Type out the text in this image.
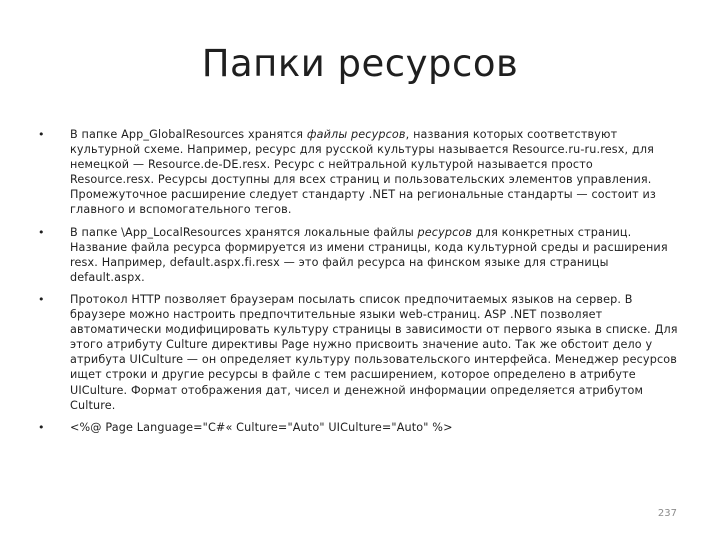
Папки ресурсов
• В папке App_GlobalResources хранятся файлы ресурсов, названия которых соответствуют культурной схеме. Например, ресурс для русской культуры называется Resource.ru-ru.resx, для немецкой — Resource.de-DE.resx. Ресурс с нейтральной культурой называется просто Resource.resx. Ресурсы доступны для всех страниц и пользовательских элементов управления. Промежуточное расширение следует стандарту .NET на региональные стандарты — состоит из главного и вспомогательного тегов.
• В папке \App_LocalResources хранятся локальные файлы ресурсов для конкретных страниц. Название файла ресурса формируется из имени страницы, кода культурной среды и расширения resx. Например, default.aspx.fi.resx — это файл ресурса на финском языке для страницы default.aspx.
• Протокол HTTP позволяет браузерам посылать список предпочитаемых языков на сервер. В браузере можно настроить предпочтительные языки web-страниц. ASP .NET позволяет автоматически модифицировать культуру страницы в зависимости от первого языка в списке. Для этого атрибуту Culture директивы Page нужно присвоить значение auto. Так же обстоит дело у атрибута UICulture — он определяет культуру пользовательского интерфейса. Менеджер ресурсов ищет строки и другие ресурсы в файле с тем расширением, которое определено в атрибуте UICulture. Формат отображения дат, чисел и денежной информации определяется атрибутом Culture.
• <%@ Page Language="C#« Culture="Auto" UICulture="Auto" %>
237
